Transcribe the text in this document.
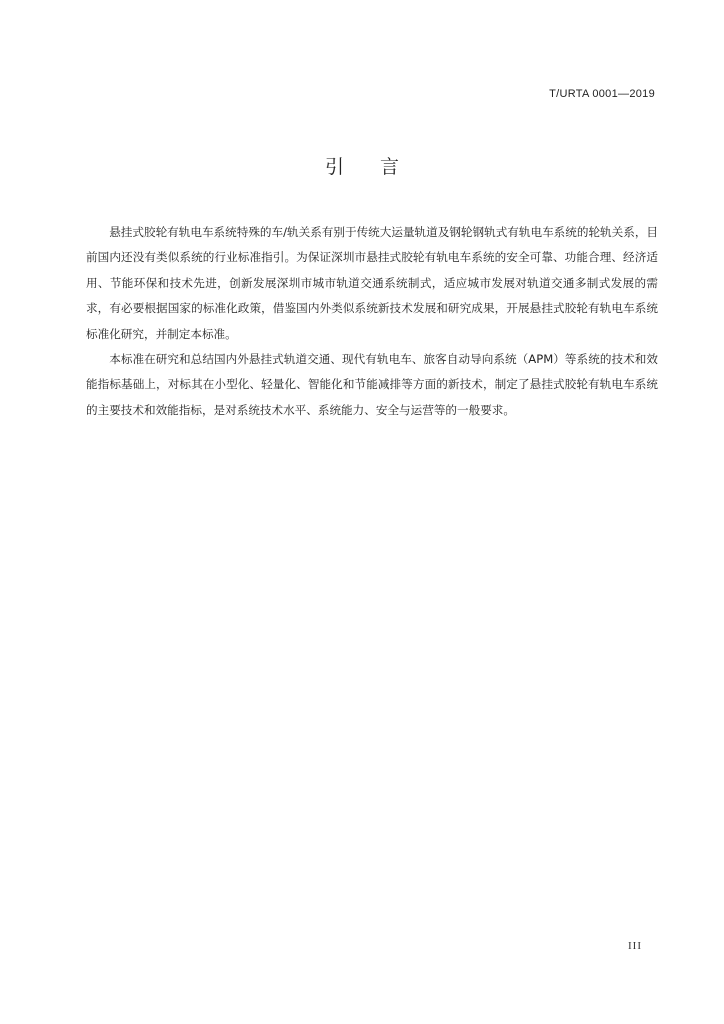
T/URTA 0001—2019
引言

悬挂式胶轮有轨电车系统特殊的车/轨关系有别于传统大运量轨道及钢轮钢轨式有轨电车系统的轮轨关系，目前国内还没有类似系统的行业标准指引。为保证深圳市悬挂式胶轮有轨电车系统的安全可靠、功能合理、经济适用、节能环保和技术先进，创新发展深圳市城市轨道交通系统制式，适应城市发展对轨道交通多制式发展的需求，有必要根据国家的标准化政策，借鉴国内外类似系统新技术发展和研究成果，开展悬挂式胶轮有轨电车系统标准化研究，并制定本标准。

本标准在研究和总结国内外悬挂式轨道交通、现代有轨电车、旅客自动导向系统（APM）等系统的技术和效能指标基础上，对标其在小型化、轻量化、智能化和节能减排等方面的新技术，制定了悬挂式胶轮有轨电车系统的主要技术和效能指标，是对系统技术水平、系统能力、安全与运营等的一般要求。

III
